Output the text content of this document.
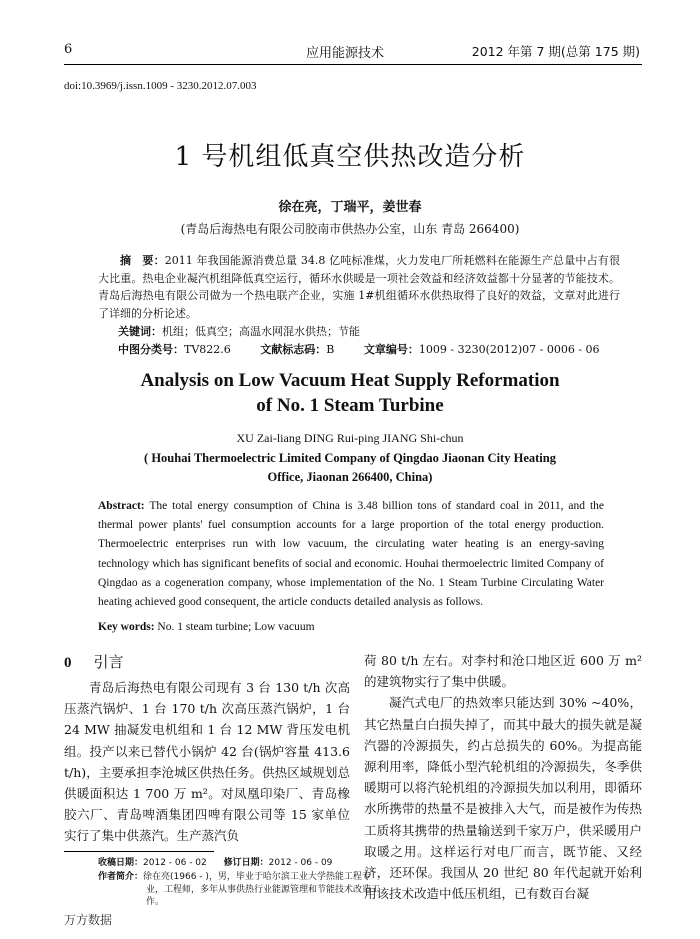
6	应用能源技术	2012 年第 7 期(总第 175 期)
doi:10.3969/j.issn.1009 - 3230.2012.07.003
1 号机组低真空供热改造分析
徐在亮，丁瑞平，姜世春
(青岛后海热电有限公司胶南市供热办公室，山东 青岛 266400)
摘　要：2011 年我国能源消费总量 34.8 亿吨标准煤，火力发电厂所耗燃料在能源生产总量中占有很大比重。热电企业凝汽机组降低真空运行，循环水供暖是一项社会效益和经济效益都十分显著的节能技术。青岛后海热电有限公司做为一个热电联产企业，实施 1#机组循环水供热取得了良好的效益，文章对此进行了详细的分析论述。
关键词：机组；低真空；高温水网混水供热；节能
中图分类号：TV822.6	文献标志码：B	文章编号：1009 - 3230(2012)07 - 0006 - 06
Analysis on Low Vacuum Heat Supply Reformation
of No. 1 Steam Turbine
XU Zai-liang DING Rui-ping JIANG Shi-chun
( Houhai Thermoelectric Limited Company of Qingdao Jiaonan City Heating
Office, Jiaonan 266400, China)
Abstract: The total energy consumption of China is 3.48 billion tons of standard coal in 2011, and the thermal power plants' fuel consumption accounts for a large proportion of the total energy production. Thermoelectric enterprises run with low vacuum, the circulating water heating is an energy-saving technology which has significant benefits of social and economic. Houhai thermoelectric limited Company of Qingdao as a cogeneration company, whose implementation of the No. 1 Steam Turbine Circulating Water heating achieved good consequent, the article conducts detailed analysis as follows.
Key words: No. 1 steam turbine; Low vacuum
0 引言

青岛后海热电有限公司现有 3 台 130 t/h 次高压蒸汽锅炉、1 台 170 t/h 次高压蒸汽锅炉，1 台 24 MW 抽凝发电机组和 1 台 12 MW 背压发电机组。投产以来已替代小锅炉 42 台(锅炉容量 413.6 t/h)，主要承担李沧城区供热任务。供热区域规划总供暖面积达 1 700 万 m²。对凤凰印染厂、青岛橡胶六厂、青岛啤酒集团四啤有限公司等 15 家单位实行了集中供蒸汽。生产蒸汽负

荷 80 t/h 左右。对李村和沧口地区近 600 万 m² 的建筑物实行了集中供暖。

凝汽式电厂的热效率只能达到 30% ~40%，其它热量白白损失掉了，而其中最大的损失就是凝汽器的冷源损失，约占总损失的 60%。为提高能源利用率，降低小型汽轮机组的冷源损失，冬季供暖期可以将汽轮机组的冷源损失加以利用，即循环水所携带的热量不是被排入大气，而是被作为传热工质将其携带的热量输送到千家万户，供采暖用户取暖之用。这样运行对电厂而言，既节能、又经济，还环保。我国从 20 世纪 80 年代起就开始利用该技术改造中低压机组，已有数百台凝

收稿日期：2012 - 06 - 02 修订日期：2012 - 06 - 09
作者简介：徐在亮(1966 - )，男，毕业于哈尔滨工业大学热能工程专业，工程师，多年从事供热行业能源管理和节能技术改造工作。
万方数据
